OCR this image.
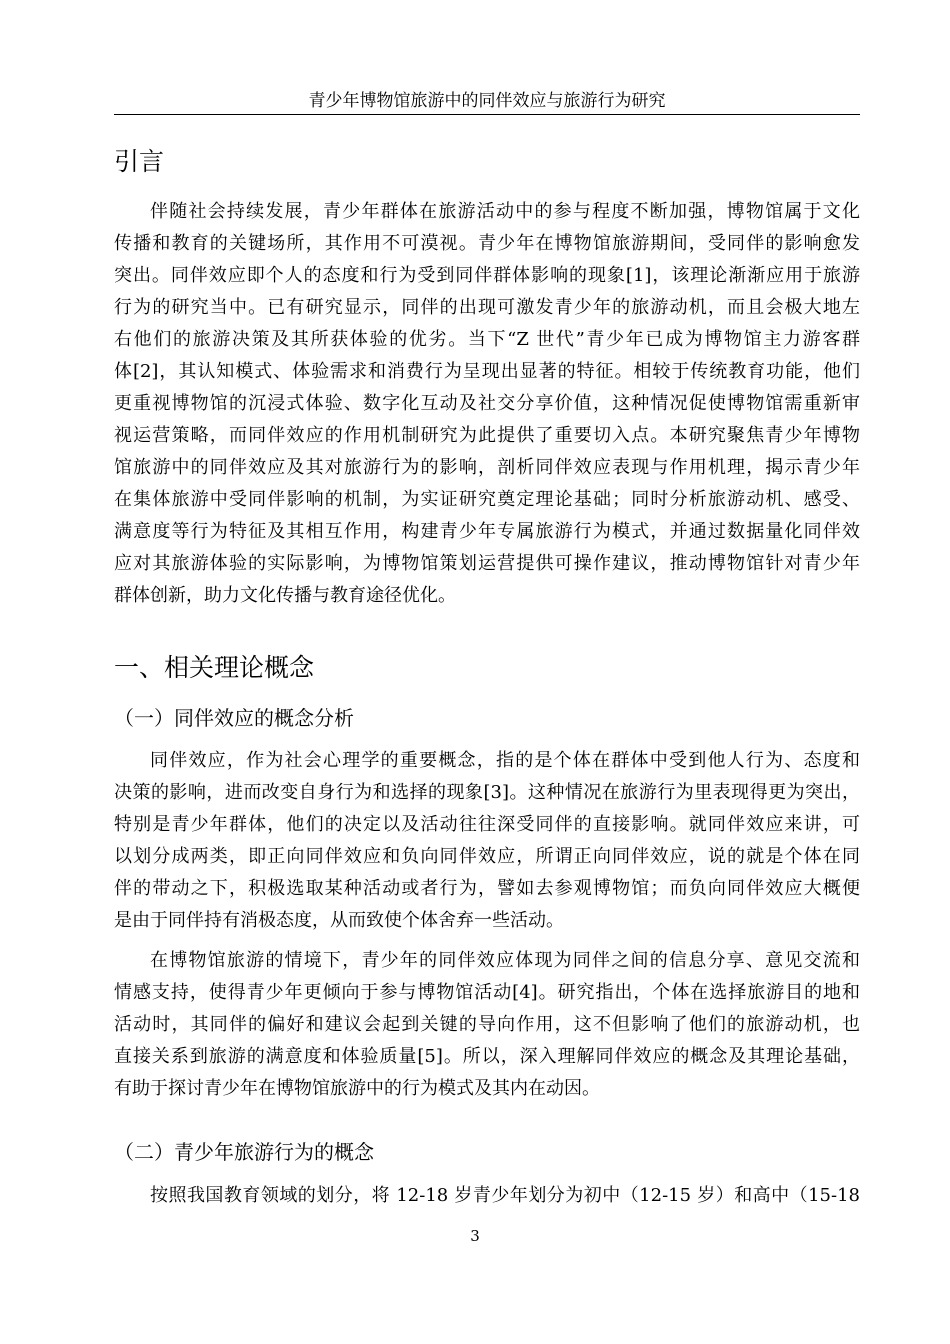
青少年博物馆旅游中的同伴效应与旅游行为研究
引言
伴随社会持续发展，青少年群体在旅游活动中的参与程度不断加强，博物馆属于文化
传播和教育的关键场所，其作用不可漠视。青少年在博物馆旅游期间，受同伴的影响愈发
突出。同伴效应即个人的态度和行为受到同伴群体影响的现象[1]，该理论渐渐应用于旅游
行为的研究当中。已有研究显示，同伴的出现可激发青少年的旅游动机，而且会极大地左
右他们的旅游决策及其所获体验的优劣。当下“Z 世代”青少年已成为博物馆主力游客群
体[2]，其认知模式、体验需求和消费行为呈现出显著的特征。相较于传统教育功能，他们
更重视博物馆的沉浸式体验、数字化互动及社交分享价值，这种情况促使博物馆需重新审
视运营策略，而同伴效应的作用机制研究为此提供了重要切入点。本研究聚焦青少年博物
馆旅游中的同伴效应及其对旅游行为的影响，剖析同伴效应表现与作用机理，揭示青少年
在集体旅游中受同伴影响的机制，为实证研究奠定理论基础；同时分析旅游动机、感受、
满意度等行为特征及其相互作用，构建青少年专属旅游行为模式，并通过数据量化同伴效
应对其旅游体验的实际影响，为博物馆策划运营提供可操作建议，推动博物馆针对青少年
群体创新，助力文化传播与教育途径优化。
一、相关理论概念
（一）同伴效应的概念分析
同伴效应，作为社会心理学的重要概念，指的是个体在群体中受到他人行为、态度和
决策的影响，进而改变自身行为和选择的现象[3]。这种情况在旅游行为里表现得更为突出，
特别是青少年群体，他们的决定以及活动往往深受同伴的直接影响。就同伴效应来讲，可
以划分成两类，即正向同伴效应和负向同伴效应，所谓正向同伴效应，说的就是个体在同
伴的带动之下，积极选取某种活动或者行为，譬如去参观博物馆；而负向同伴效应大概便
是由于同伴持有消极态度，从而致使个体舍弃一些活动。
在博物馆旅游的情境下，青少年的同伴效应体现为同伴之间的信息分享、意见交流和
情感支持，使得青少年更倾向于参与博物馆活动[4]。研究指出，个体在选择旅游目的地和
活动时，其同伴的偏好和建议会起到关键的导向作用，这不但影响了他们的旅游动机，也
直接关系到旅游的满意度和体验质量[5]。所以，深入理解同伴效应的概念及其理论基础，
有助于探讨青少年在博物馆旅游中的行为模式及其内在动因。
（二）青少年旅游行为的概念
按照我国教育领域的划分，将 12-18 岁青少年划分为初中（12-15 岁）和高中（15-18
3
